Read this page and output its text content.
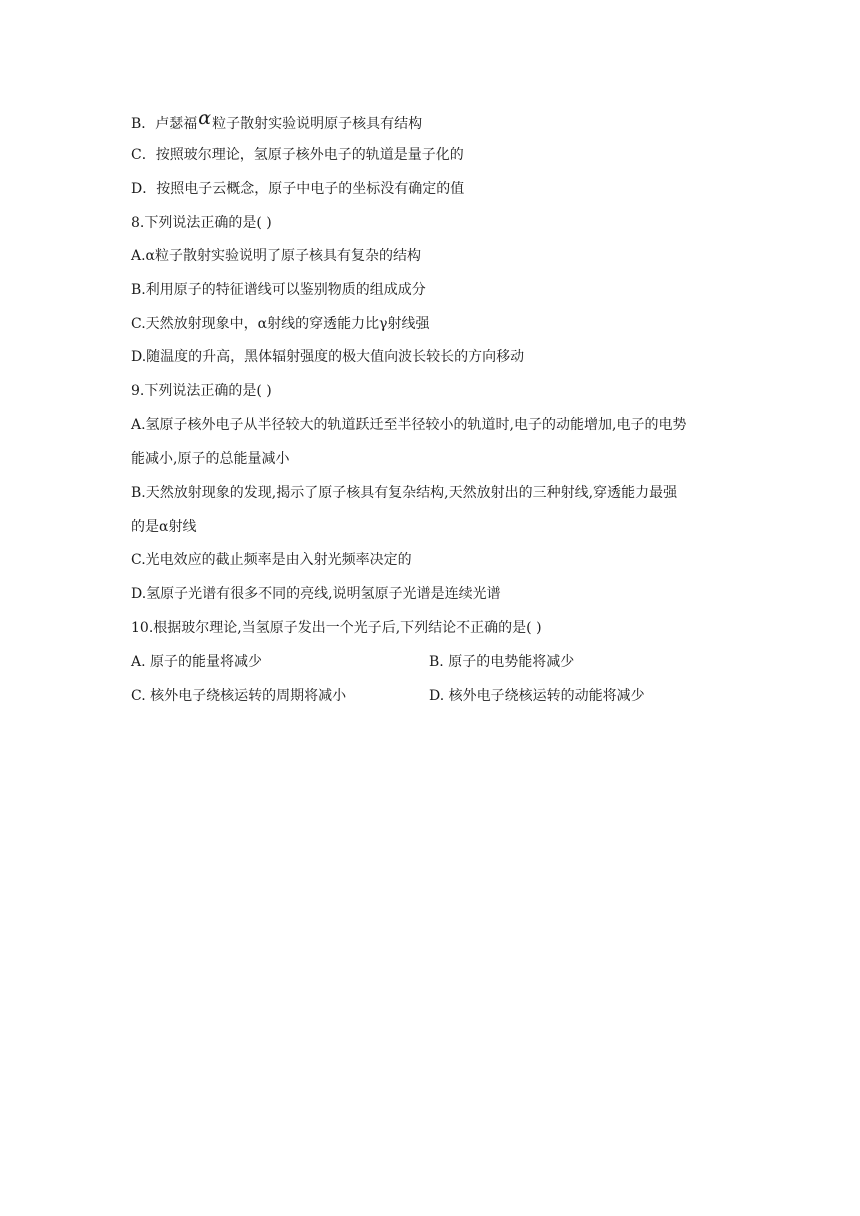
B．卢瑟福α粒子散射实验说明原子核具有结构
C．按照玻尔理论，氢原子核外电子的轨道是量子化的
D．按照电子云概念，原子中电子的坐标没有确定的值
8.下列说法正确的是( )
A.α粒子散射实验说明了原子核具有复杂的结构
B.利用原子的特征谱线可以鉴别物质的组成成分
C.天然放射现象中，α射线的穿透能力比γ射线强
D.随温度的升高，黑体辐射强度的极大值向波长较长的方向移动
9.下列说法正确的是( )
A.氢原子核外电子从半径较大的轨道跃迁至半径较小的轨道时,电子的动能增加,电子的电势
能减小,原子的总能量减小
B.天然放射现象的发现,揭示了原子核具有复杂结构,天然放射出的三种射线,穿透能力最强
的是α射线
C.光电效应的截止频率是由入射光频率决定的
D.氢原子光谱有很多不同的亮线,说明氢原子光谱是连续光谱
10.根据玻尔理论,当氢原子发出一个光子后,下列结论不正确的是( )
A. 原子的能量将减少	B. 原子的电势能将减少
C. 核外电子绕核运转的周期将减小	D. 核外电子绕核运转的动能将减少
